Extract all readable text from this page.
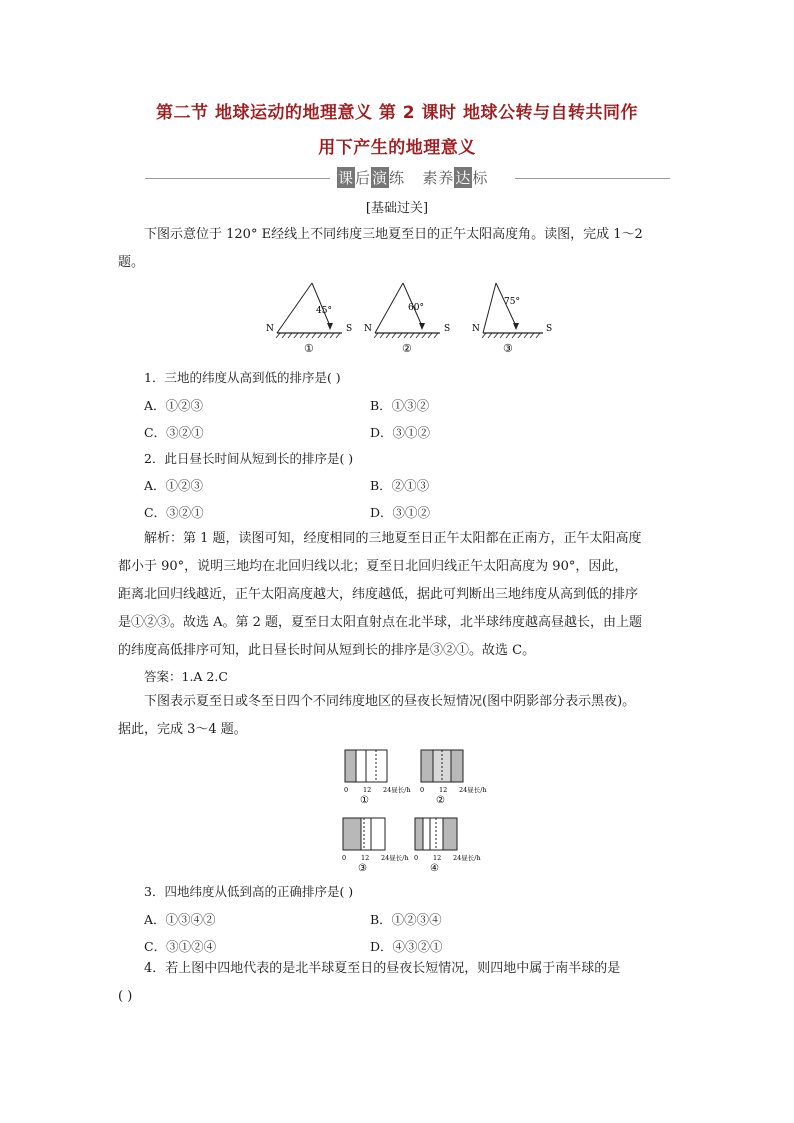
第二节 地球运动的地理意义 第 2 课时 地球公转与自转共同作
用下产生的地理意义
课后演练 素养达标
[基础过关]
下图示意位于 120° E经线上不同纬度三地夏至日的正午太阳高度角。读图，完成 1～2
题。
N	S
45°
①
N	S
60°
②
N	S
75°
③
1．三地的纬度从高到低的排序是( )
A．①②③	B．①③②
C．③②①	D．③①②
2．此日昼长时间从短到长的排序是( )
A．①②③	B．②①③
C．③②①	D．③①②
解析：第 1 题，读图可知，经度相同的三地夏至日正午太阳都在正南方，正午太阳高度
都小于 90°，说明三地均在北回归线以北；夏至日北回归线正午太阳高度为 90°，因此，
距离北回归线越近，正午太阳高度越大，纬度越低，据此可判断出三地纬度从高到低的排序
是①②③。故选 A。第 2 题，夏至日太阳直射点在北半球，北半球纬度越高昼越长，由上题
的纬度高低排序可知，此日昼长时间从短到长的排序是③②①。故选 C。
答案：1.A 2.C
下图表示夏至日或冬至日四个不同纬度地区的昼夜长短情况(图中阴影部分表示黑夜)。
据此，完成 3～4 题。
0 12 24昼长/h
①
0 12 24昼长/h
②
0 12 24昼长/h
③
0 12 24昼长/h
④
3．四地纬度从低到高的正确排序是( )
A．①③④②	B．①②③④
C．③①②④	D．④③②①
4．若上图中四地代表的是北半球夏至日的昼夜长短情况，则四地中属于南半球的是
( )
